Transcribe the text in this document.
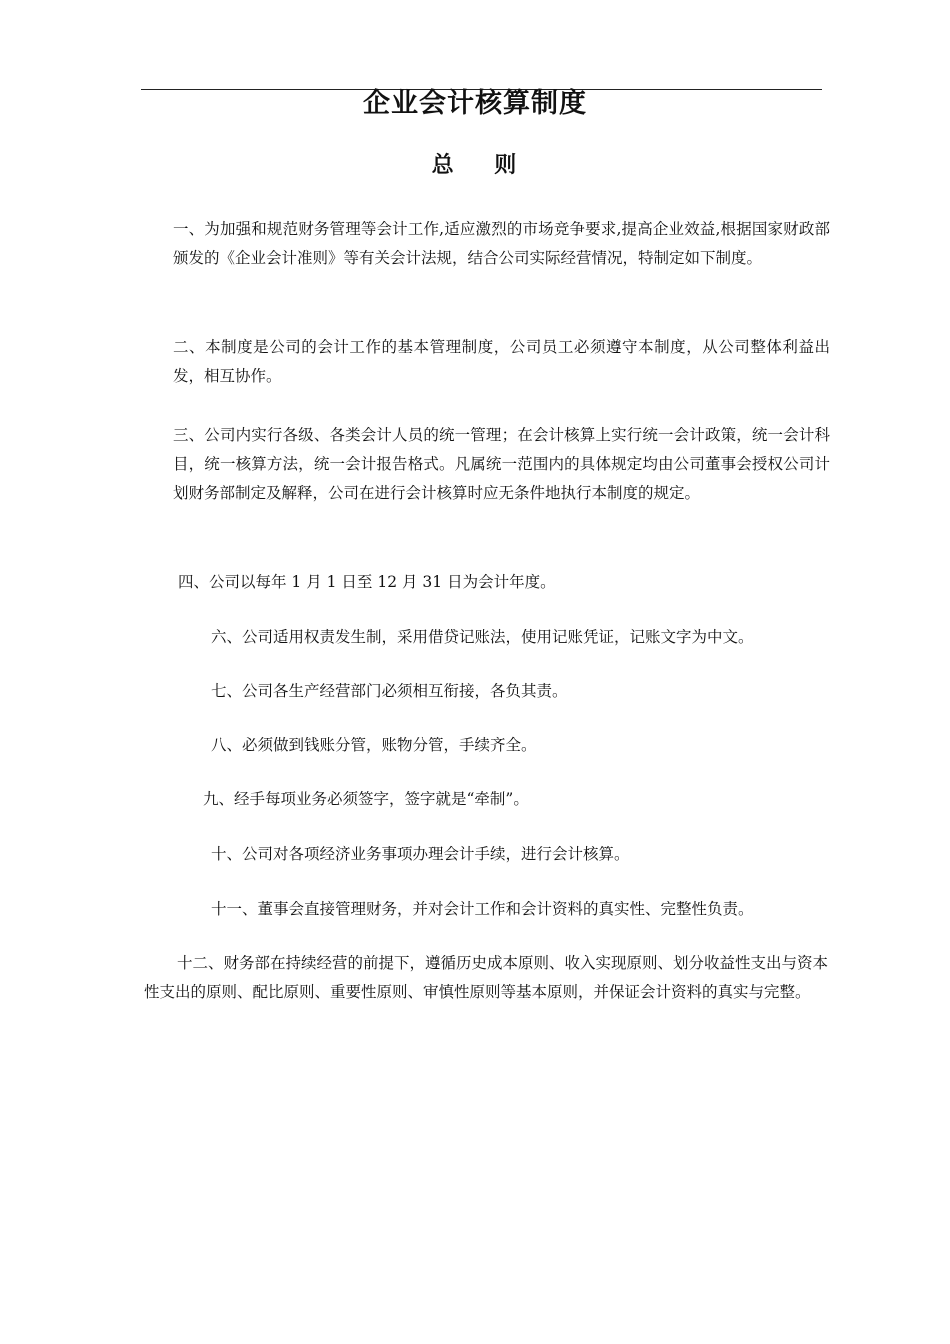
企业会计核算制度
总    则

一、为加强和规范财务管理等会计工作,适应激烈的市场竞争要求,提高企业效益,根据国家财政部颁发的《企业会计准则》等有关会计法规，结合公司实际经营情况，特制定如下制度。

二、本制度是公司的会计工作的基本管理制度，公司员工必须遵守本制度，从公司整体利益出发，相互协作。

三、公司内实行各级、各类会计人员的统一管理；在会计核算上实行统一会计政策，统一会计科目，统一核算方法，统一会计报告格式。凡属统一范围内的具体规定均由公司董事会授权公司计划财务部制定及解释，公司在进行会计核算时应无条件地执行本制度的规定。

四、公司以每年 1 月 1 日至 12 月 31 日为会计年度。

六、公司适用权责发生制，采用借贷记账法，使用记账凭证，记账文字为中文。

七、公司各生产经营部门必须相互衔接，各负其责。

八、必须做到钱账分管，账物分管，手续齐全。

九、经手每项业务必须签字，签字就是“牵制”。

十、公司对各项经济业务事项办理会计手续，进行会计核算。

十一、董事会直接管理财务，并对会计工作和会计资料的真实性、完整性负责。

十二、财务部在持续经营的前提下，遵循历史成本原则、收入实现原则、划分收益性支出与资本性支出的原则、配比原则、重要性原则、审慎性原则等基本原则，并保证会计资料的真实与完整。
